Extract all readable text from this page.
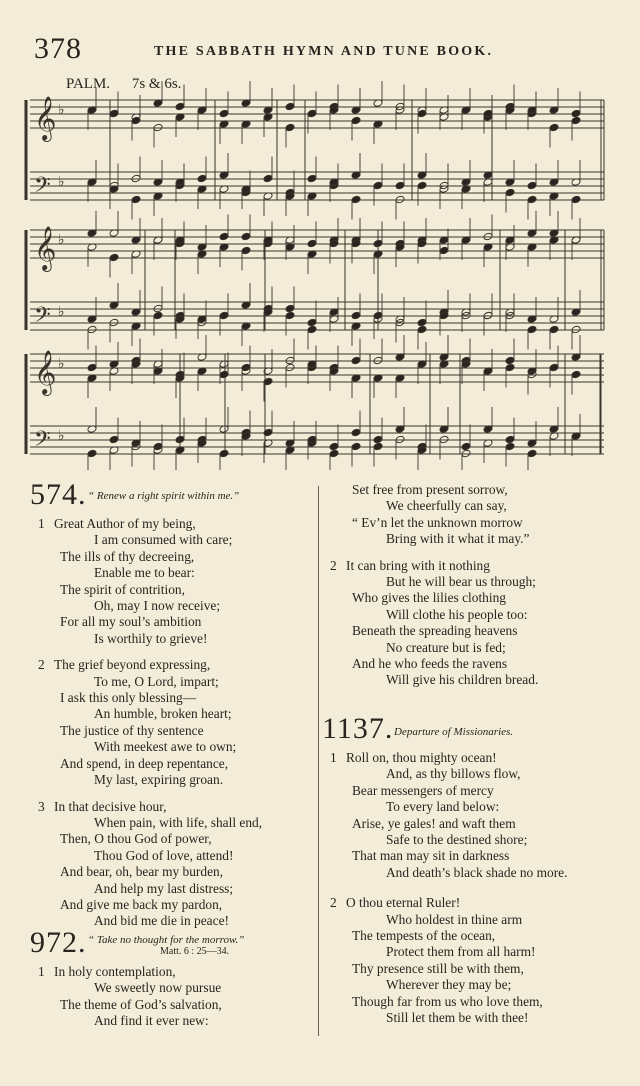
378	THE SABBATH HYMN AND TUNE BOOK.
PALM. 7s & 6s.
𝄞 ♭
𝄢 ♭
𝄞 ♭
𝄢 ♭
𝄞 ♭
𝄢 ♭
574. “ Renew a right spirit within me.”
1 Great Author of my being,
I am consumed with care;
The ills of thy decreeing,
Enable me to bear:
The spirit of contrition,
Oh, may I now receive;
For all my soul’s ambition
Is worthily to grieve!
2 The grief beyond expressing,
To me, O Lord, impart;
I ask this only blessing—
An humble, broken heart;
The justice of thy sentence
With meekest awe to own;
And spend, in deep repentance,
My last, expiring groan.
3 In that decisive hour,
When pain, with life, shall end,
Then, O thou God of power,
Thou God of love, attend!
And bear, oh, bear my burden,
And help my last distress;
And give me back my pardon,
And bid me die in peace!
972. “ Take no thought for the morrow.”
Matt. 6 : 25—34.
1 In holy contemplation,
We sweetly now pursue
The theme of God’s salvation,
And find it ever new:
Set free from present sorrow,
We cheerfully can say,
“ Ev’n let the unknown morrow
Bring with it what it may.”
2 It can bring with it nothing
But he will bear us through;
Who gives the lilies clothing
Will clothe his people too:
Beneath the spreading heavens
No creature but is fed;
And he who feeds the ravens
Will give his children bread.
1137. Departure of Missionaries.
1 Roll on, thou mighty ocean!
And, as thy billows flow,
Bear messengers of mercy
To every land below:
Arise, ye gales! and waft them
Safe to the destined shore;
That man may sit in darkness
And death’s black shade no more.
2 O thou eternal Ruler!
Who holdest in thine arm
The tempests of the ocean,
Protect them from all harm!
Thy presence still be with them,
Wherever they may be;
Though far from us who love them,
Still let them be with thee!
